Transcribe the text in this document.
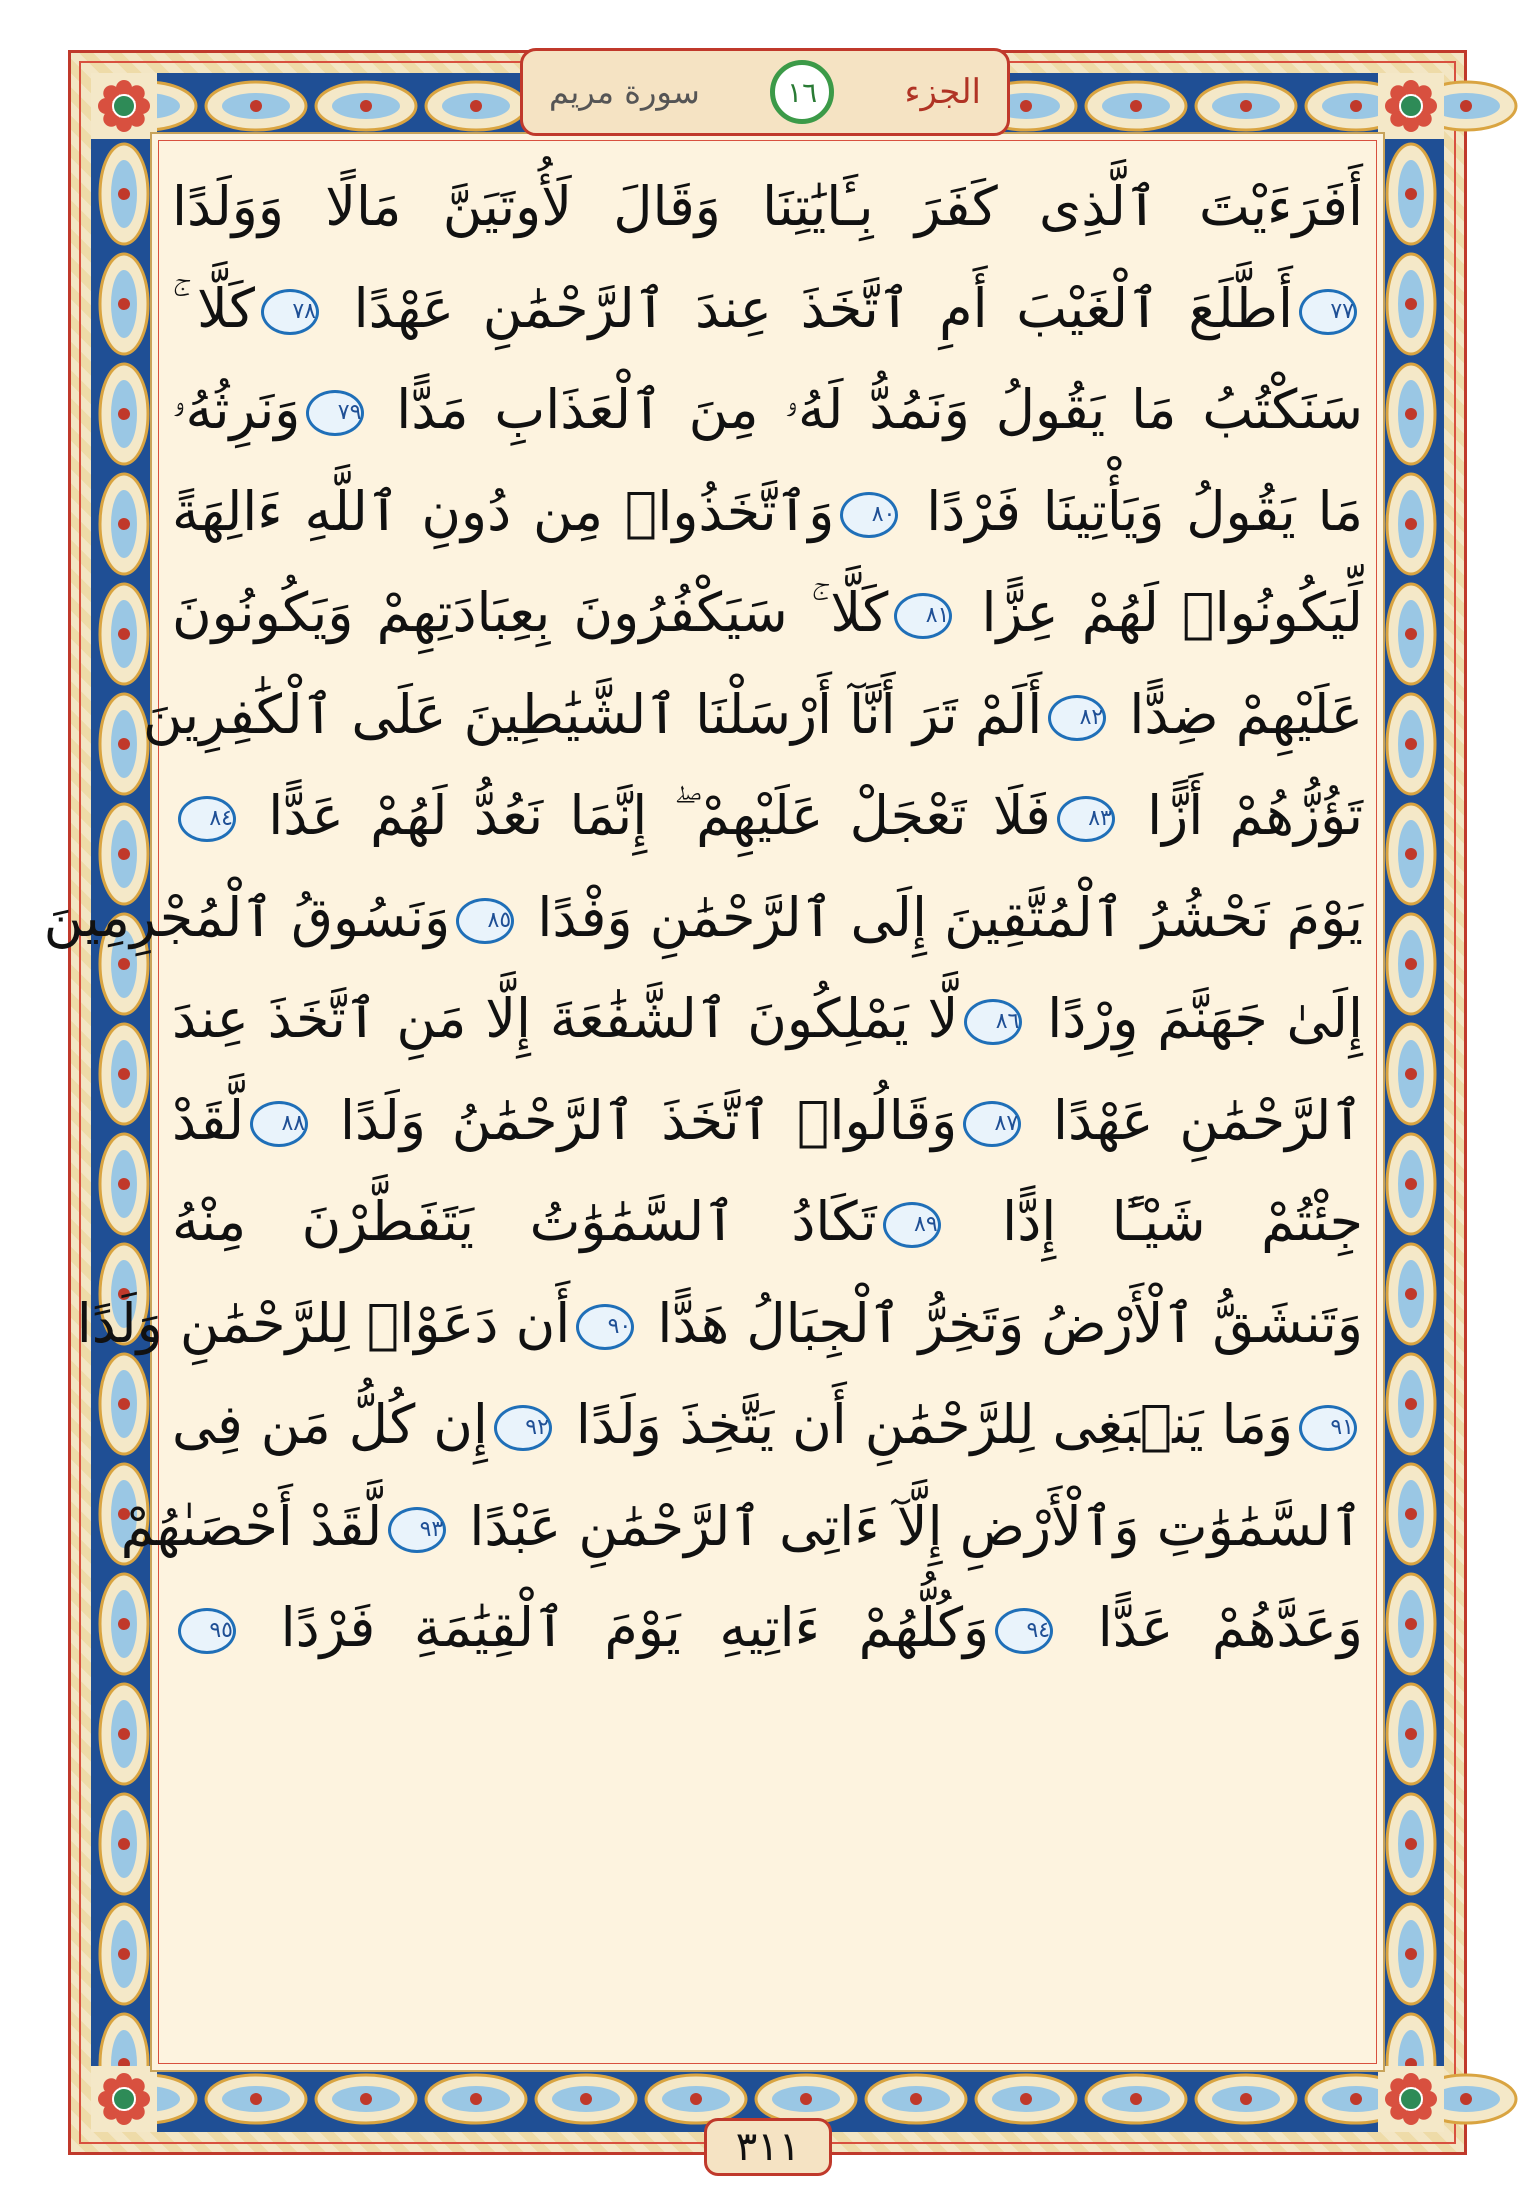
أَفَرَءَيْتَ ٱلَّذِى كَفَرَ بِـَٔايَٰتِنَا وَقَالَ لَأُوتَيَنَّ مَالًا وَوَلَدًا
٧٧أَطَّلَعَ ٱلْغَيْبَ أَمِ ٱتَّخَذَ عِندَ ٱلرَّحْمَٰنِ عَهْدًا ٧٨كَلَّا ۚ
سَنَكْتُبُ مَا يَقُولُ وَنَمُدُّ لَهُۥ مِنَ ٱلْعَذَابِ مَدًّا ٧٩وَنَرِثُهُۥ
مَا يَقُولُ وَيَأْتِينَا فَرْدًا ٨٠وَٱتَّخَذُوا۟ مِن دُونِ ٱللَّهِ ءَالِهَةً
لِّيَكُونُوا۟ لَهُمْ عِزًّا ٨١كَلَّا ۚ سَيَكْفُرُونَ بِعِبَادَتِهِمْ وَيَكُونُونَ
عَلَيْهِمْ ضِدًّا ٨٢أَلَمْ تَرَ أَنَّآ أَرْسَلْنَا ٱلشَّيَٰطِينَ عَلَى ٱلْكَٰفِرِينَ
تَؤُزُّهُمْ أَزًّا ٨٣فَلَا تَعْجَلْ عَلَيْهِمْ ۖ إِنَّمَا نَعُدُّ لَهُمْ عَدًّا ٨٤
يَوْمَ نَحْشُرُ ٱلْمُتَّقِينَ إِلَى ٱلرَّحْمَٰنِ وَفْدًا ٨٥وَنَسُوقُ ٱلْمُجْرِمِينَ
إِلَىٰ جَهَنَّمَ وِرْدًا ٨٦لَّا يَمْلِكُونَ ٱلشَّفَٰعَةَ إِلَّا مَنِ ٱتَّخَذَ عِندَ
ٱلرَّحْمَٰنِ عَهْدًا ٨٧وَقَالُوا۟ ٱتَّخَذَ ٱلرَّحْمَٰنُ وَلَدًا ٨٨لَّقَدْ
جِئْتُمْ شَيْـًٔا إِدًّا ٨٩تَكَادُ ٱلسَّمَٰوَٰتُ يَتَفَطَّرْنَ مِنْهُ
وَتَنشَقُّ ٱلْأَرْضُ وَتَخِرُّ ٱلْجِبَالُ هَدًّا ٩٠أَن دَعَوْا۟ لِلرَّحْمَٰنِ وَلَدًا
٩١وَمَا يَنۢبَغِى لِلرَّحْمَٰنِ أَن يَتَّخِذَ وَلَدًا ٩٢إِن كُلُّ مَن فِى
ٱلسَّمَٰوَٰتِ وَٱلْأَرْضِ إِلَّآ ءَاتِى ٱلرَّحْمَٰنِ عَبْدًا ٩٣لَّقَدْ أَحْصَىٰهُمْ
وَعَدَّهُمْ عَدًّا ٩٤وَكُلُّهُمْ ءَاتِيهِ يَوْمَ ٱلْقِيَٰمَةِ فَرْدًا ٩٥
الجزء
١٦
سورة مريم
٣١١
